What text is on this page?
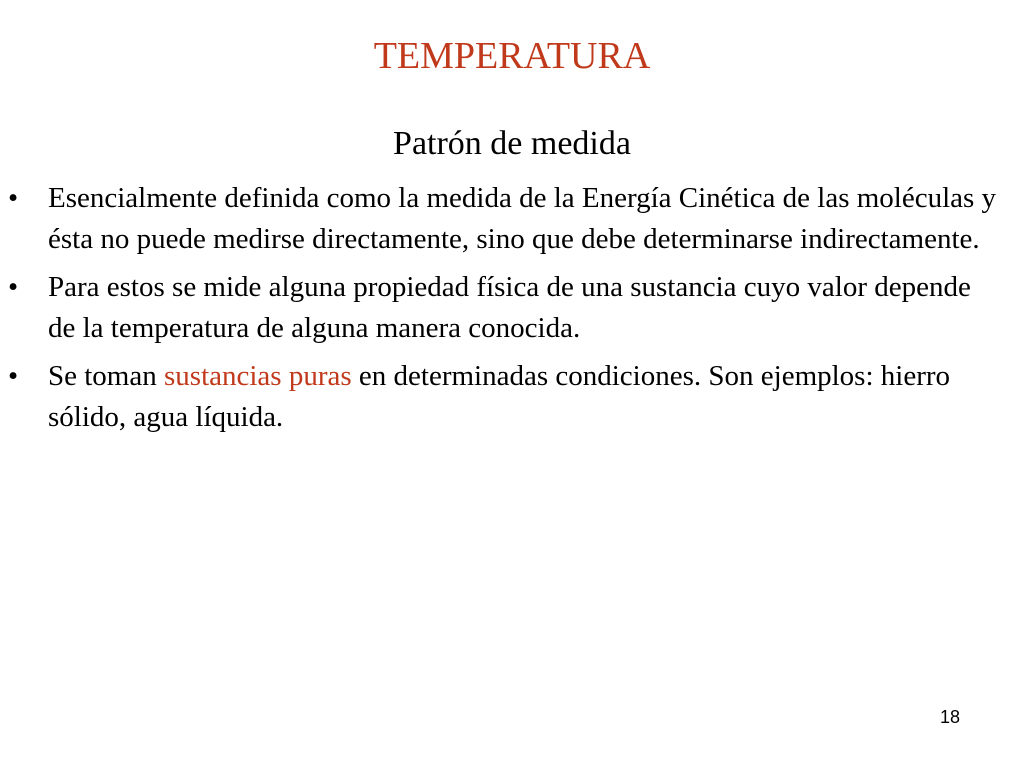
TEMPERATURA
Patrón de medida
• Esencialmente definida como la medida de la Energía Cinética de las moléculas y ésta no puede medirse directamente, sino que debe determinarse indirectamente.
• Para estos se mide alguna propiedad física de una sustancia cuyo valor depende de la temperatura de alguna manera conocida.
• Se toman sustancias puras en determinadas condiciones. Son ejemplos: hierro sólido, agua líquida.
18
